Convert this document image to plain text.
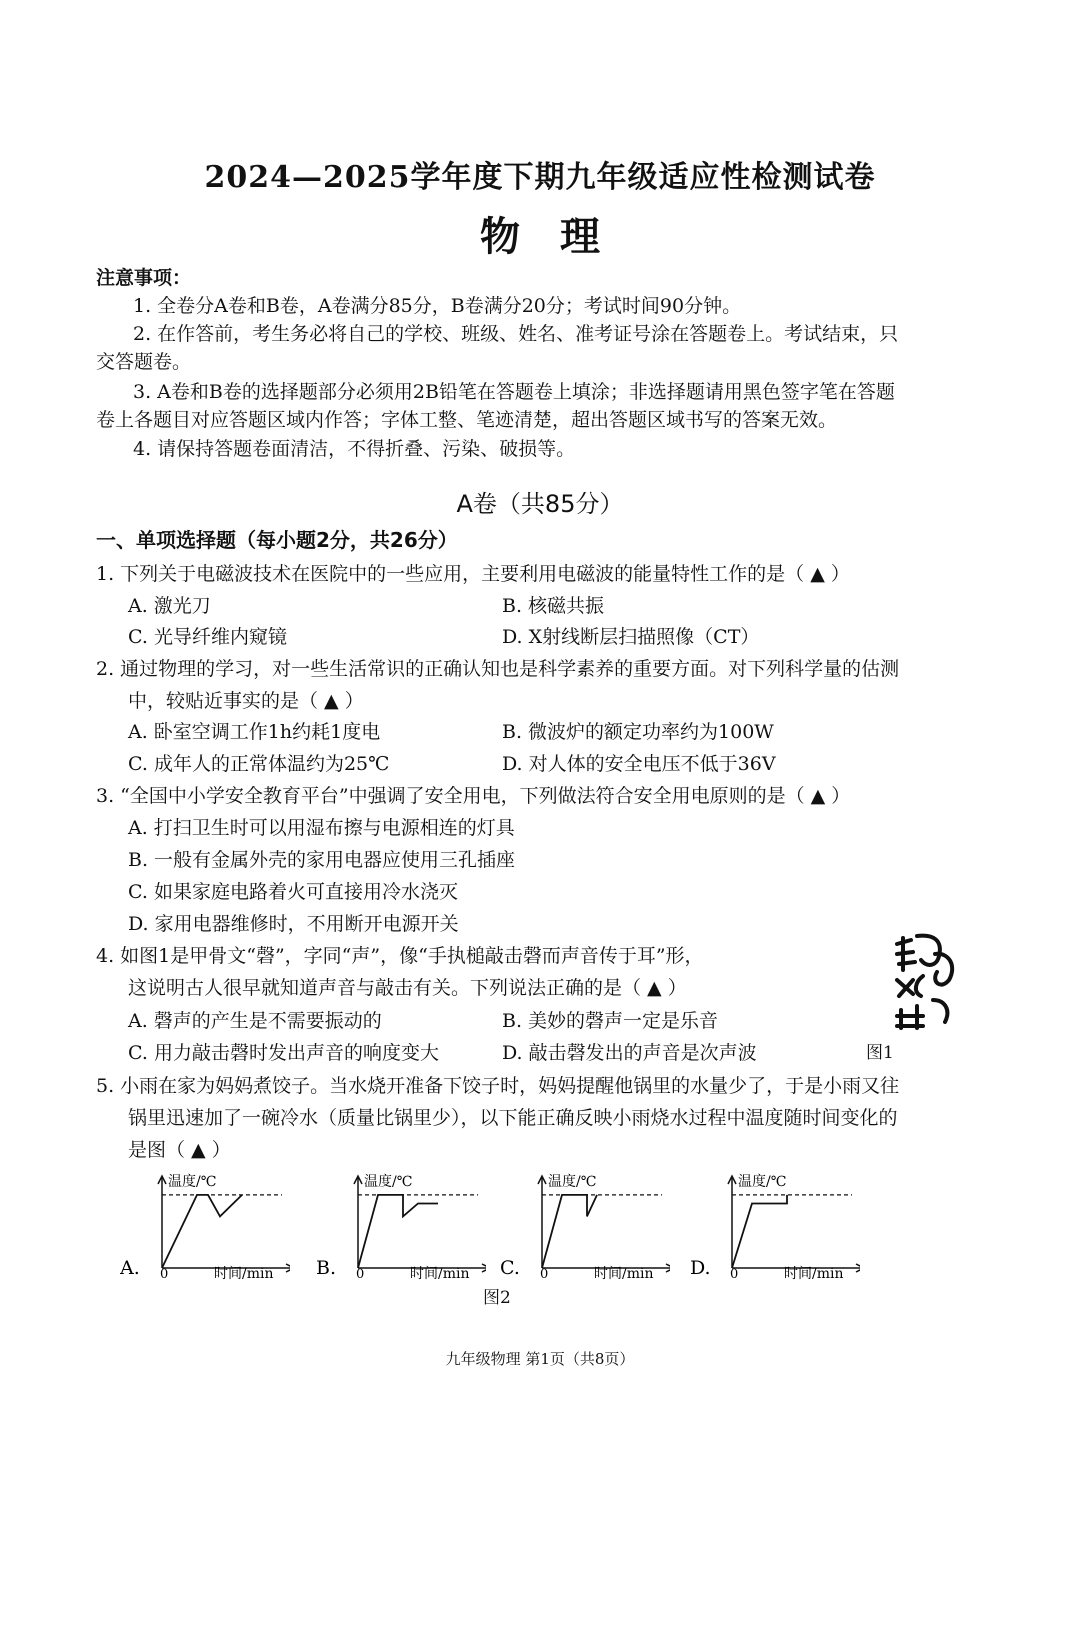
2024—2025学年度下期九年级适应性检测试卷
物理
注意事项：
1. 全卷分A卷和B卷，A卷满分85分，B卷满分20分；考试时间90分钟。
2. 在作答前，考生务必将自己的学校、班级、姓名、准考证号涂在答题卷上。考试结束，只
交答题卷。
3. A卷和B卷的选择题部分必须用2B铅笔在答题卷上填涂；非选择题请用黑色签字笔在答题
卷上各题目对应答题区域内作答；字体工整、笔迹清楚，超出答题区域书写的答案无效。
4. 请保持答题卷面清洁，不得折叠、污染、破损等。
A卷（共85分）
一、单项选择题（每小题2分，共26分）
1. 下列关于电磁波技术在医院中的一些应用，主要利用电磁波的能量特性工作的是（ ▲ ）
A. 激光刀	B. 核磁共振
C. 光导纤维内窥镜	D. X射线断层扫描照像（CT）
2. 通过物理的学习，对一些生活常识的正确认知也是科学素养的重要方面。对下列科学量的估测
中，较贴近事实的是（ ▲ ）
A. 卧室空调工作1h约耗1度电	B. 微波炉的额定功率约为100W
C. 成年人的正常体温约为25℃	D. 对人体的安全电压不低于36V
3. “全国中小学安全教育平台”中强调了安全用电，下列做法符合安全用电原则的是（ ▲ ）
A. 打扫卫生时可以用湿布擦与电源相连的灯具
B. 一般有金属外壳的家用电器应使用三孔插座
C. 如果家庭电路着火可直接用冷水浇灭
D. 家用电器维修时，不用断开电源开关
4. 如图1是甲骨文“磬”，字同“声”，像“手执槌敲击磬而声音传于耳”形，
这说明古人很早就知道声音与敲击有关。下列说法正确的是（ ▲ ）
A. 磬声的产生是不需要振动的	B. 美妙的磬声一定是乐音
C. 用力敲击磬时发出声音的响度变大	D. 敲击磬发出的声音是次声波	图1
5. 小雨在家为妈妈煮饺子。当水烧开准备下饺子时，妈妈提醒他锅里的水量少了，于是小雨又往
锅里迅速加了一碗冷水（质量比锅里少），以下能正确反映小雨烧水过程中温度随时间变化的
是图（ ▲ ）
A.
温度/℃
时间/min
0	B.
温度/℃
时间/min
0	C.
温度/℃
时间/min
0	D.
温度/℃
时间/min
0
图2
九年级物理 第1页（共8页）
